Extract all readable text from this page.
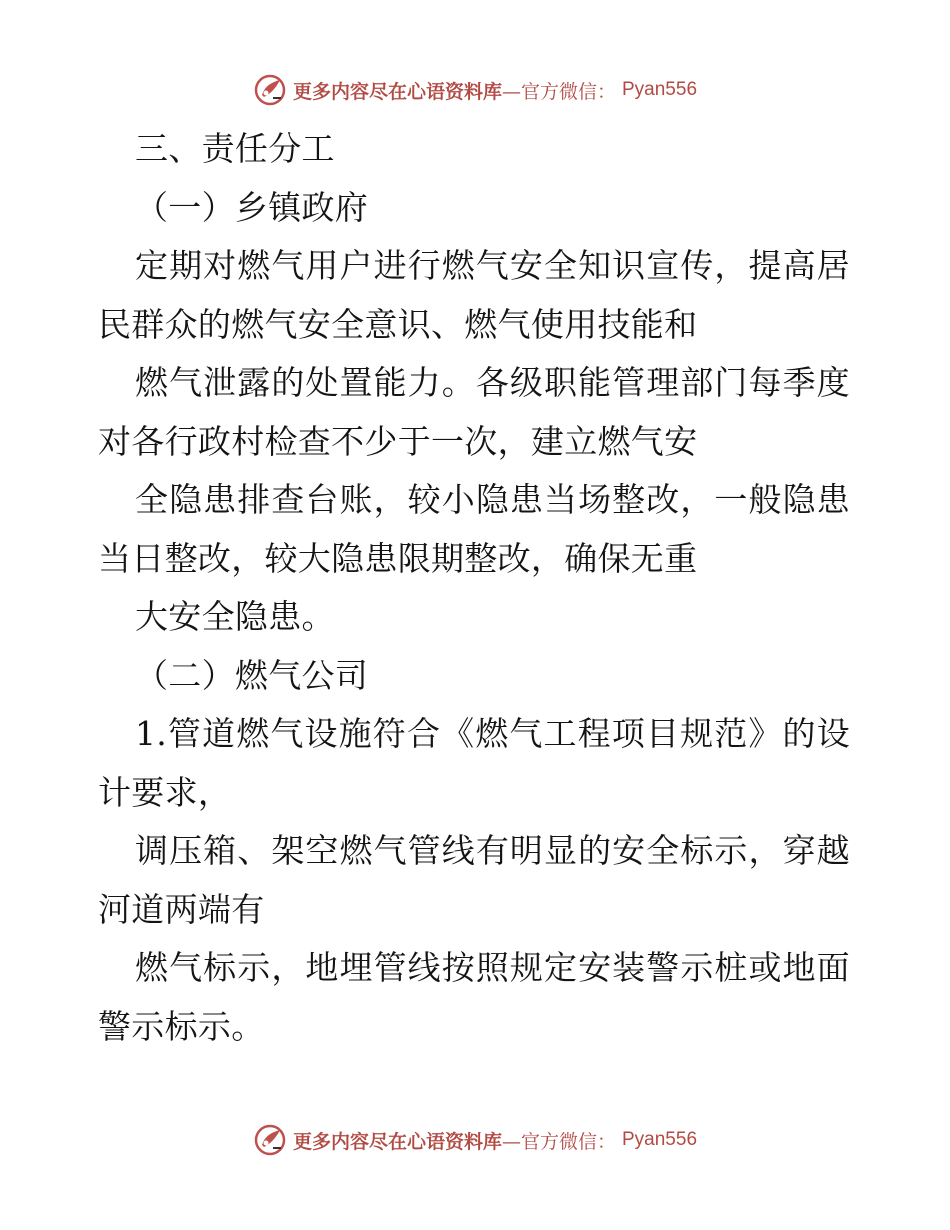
更多内容尽在心语资料库—官方微信： Pyan556
三、责任分工
（一）乡镇政府
定期对燃气用户进行燃气安全知识宣传，提高居
民群众的燃气安全意识、燃气使用技能和
燃气泄露的处置能力。各级职能管理部门每季度
对各行政村检查不少于一次，建立燃气安
全隐患排查台账，较小隐患当场整改，一般隐患
当日整改，较大隐患限期整改，确保无重
大安全隐患。
（二）燃气公司
1.管道燃气设施符合《燃气工程项目规范》的设
计要求，
调压箱、架空燃气管线有明显的安全标示，穿越
河道两端有
燃气标示，地埋管线按照规定安装警示桩或地面
警示标示。
更多内容尽在心语资料库—官方微信： Pyan556
